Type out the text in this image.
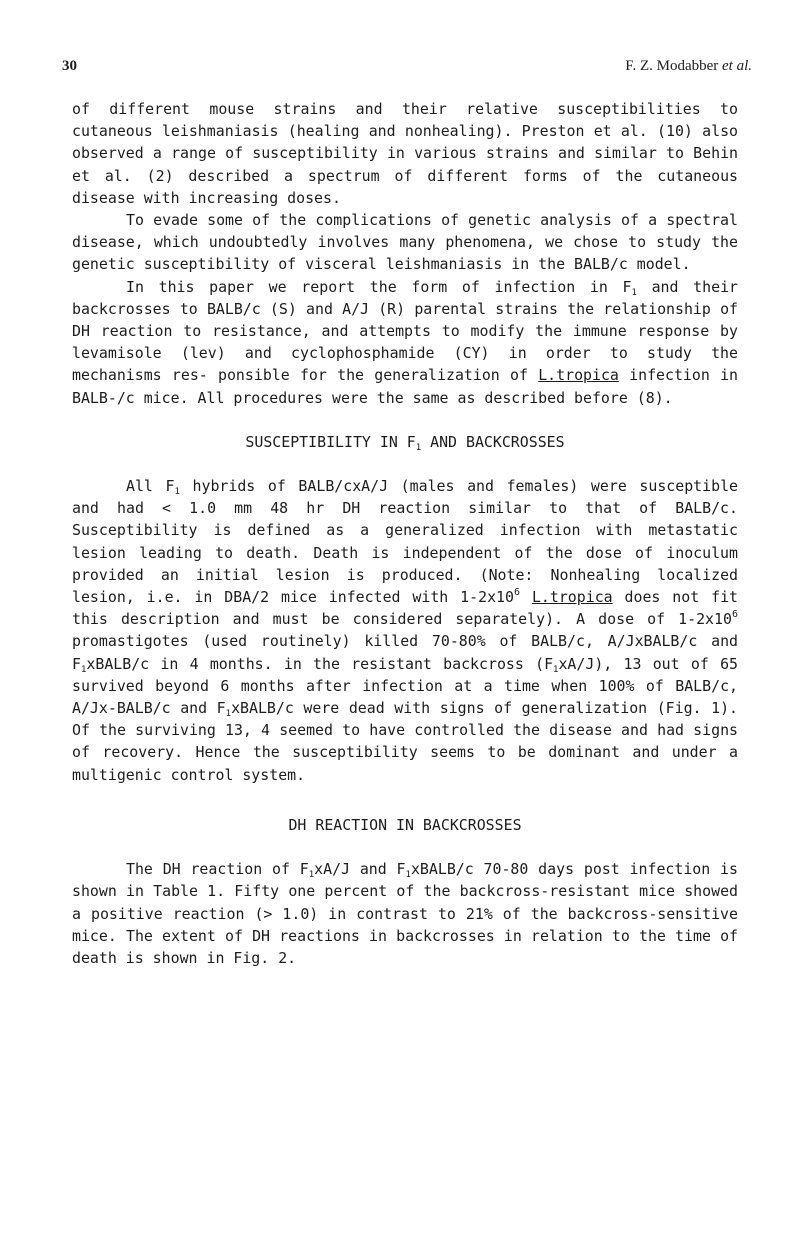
30	F. Z. Modabber et al.

of different mouse strains and their relative susceptibilities to cutaneous leishmaniasis (healing and nonhealing). Preston et al. (10) also observed a range of susceptibility in various strains and similar to Behin et al. (2) described a spectrum of different forms of the cutaneous disease with increasing doses.

To evade some of the complications of genetic analysis of a spectral disease, which undoubtedly involves many phenomena, we chose to study the genetic susceptibility of visceral leishmaniasis in the BALB/c model.

In this paper we report the form of infection in $F_1$ and their backcrosses to BALB/c (S) and A/J (R) parental strains the relationship of DH reaction to resistance, and attempts to modify the immune response by levamisole (lev) and cyclophosphamide (CY) in order to study the mechanisms res- ponsible for the generalization of L.tropica infection in BALB-/c mice. All procedures were the same as described before (8).

SUSCEPTIBILITY IN $F_1$ AND BACKCROSSES

All $F_1$ hybrids of BALB/cxA/J (males and females) were susceptible and had < 1.0 mm 48 hr DH reaction similar to that of BALB/c. Susceptibility is defined as a generalized infection with metastatic lesion leading to death. Death is independent of the dose of inoculum provided an initial lesion is produced. (Note: Nonhealing localized lesion, i.e. in DBA/2 mice infected with $1-2x10^6$ L.tropica does not fit this description and must be considered separately). A dose of $1-2x10^6$ promastigotes (used routinely) killed 70-80% of BALB/c, A/JxBALB/c and $F_1xBALB/c$ in 4 months. in the resistant backcross $(F_1xA/J)$, 13 out of 65 survived beyond 6 months after infection at a time when 100% of BALB/c, A/Jx-BALB/c and $F_1xBALB/c$ were dead with signs of generalization (Fig. 1). Of the surviving 13, 4 seemed to have controlled the disease and had signs of recovery. Hence the susceptibility seems to be dominant and under a multigenic control system.

DH REACTION IN BACKCROSSES

The DH reaction of $F_1xA/J$ and $F_1xBALB/c$ 70-80 days post infection is shown in Table 1. Fifty one percent of the backcross-resistant mice showed a positive reaction (> 1.0) in contrast to 21% of the backcross-sensitive mice. The extent of DH reactions in backcrosses in relation to the time of death is shown in Fig. 2.
